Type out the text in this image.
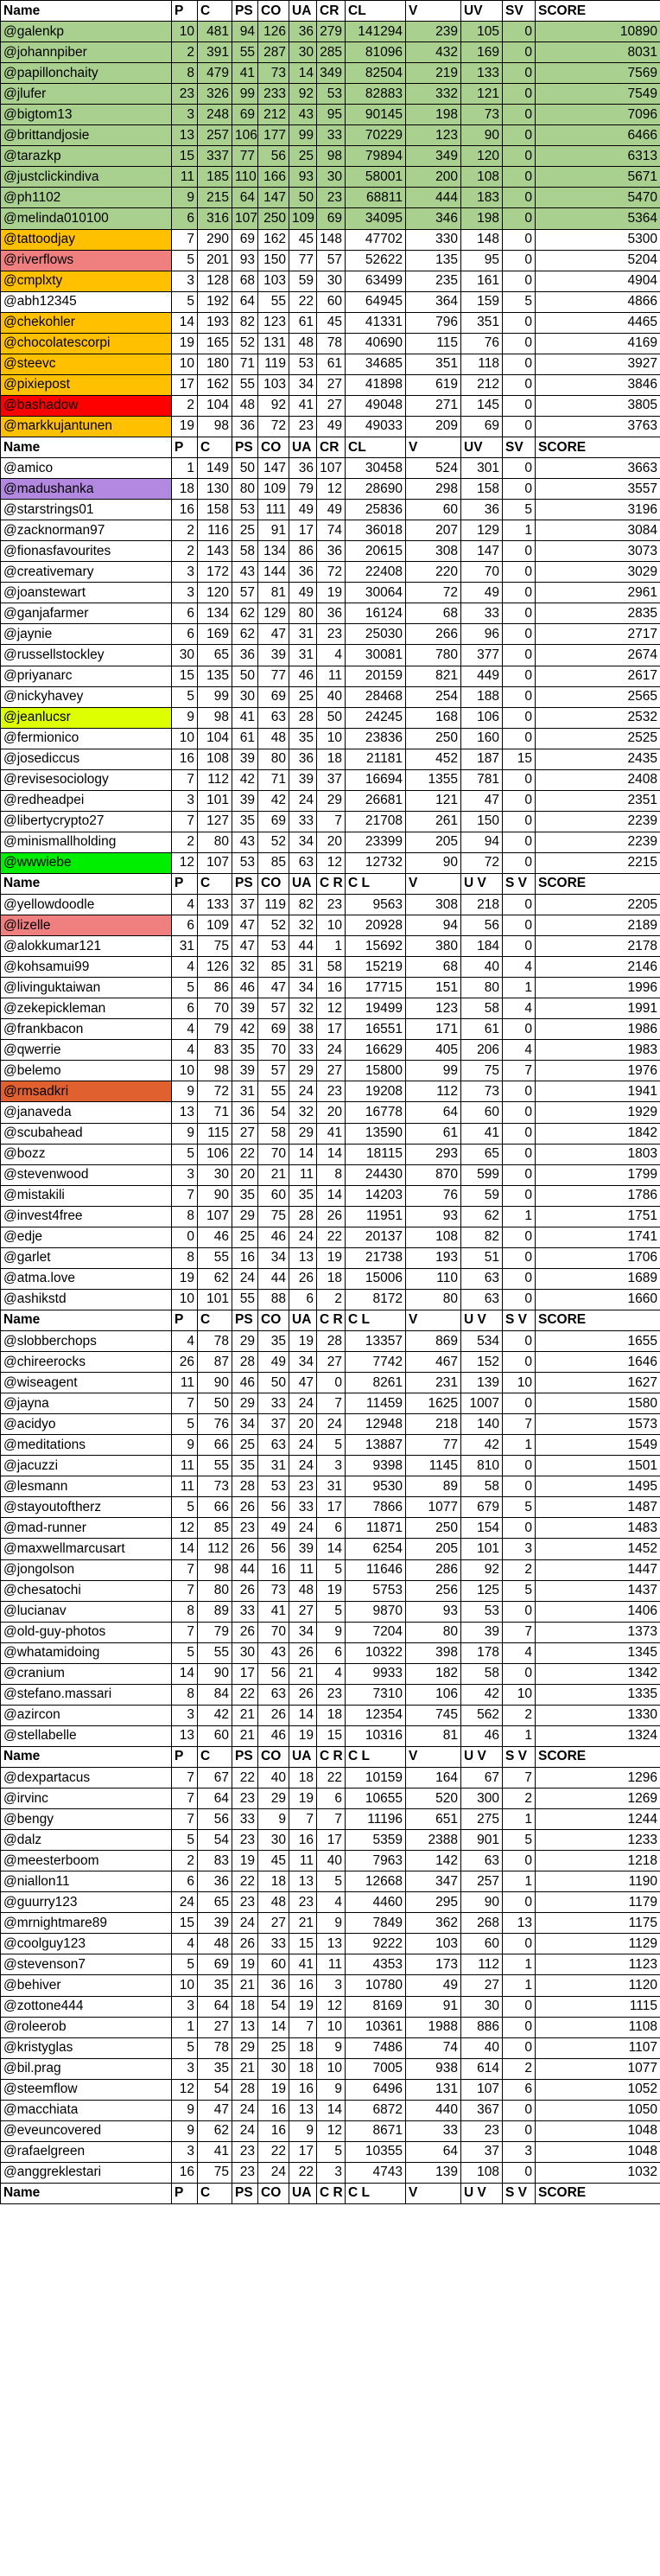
Name	P	C	PS	CO	UA	CR	CL	V	UV	SV	SCORE
@galenkp	10	481	94	126	36	279	141294	239	105	0	10890
@johannpiber	2	391	55	287	30	285	81096	432	169	0	8031
@papillonchaity	8	479	41	73	14	349	82504	219	133	0	7569
@jlufer	23	326	99	233	92	53	82883	332	121	0	7549
@bigtom13	3	248	69	212	43	95	90145	198	73	0	7096
@brittandjosie	13	257	106	177	99	33	70229	123	90	0	6466
@tarazkp	15	337	77	56	25	98	79894	349	120	0	6313
@justclickindiva	11	185	110	166	93	30	58001	200	108	0	5671
@ph1102	9	215	64	147	50	23	68811	444	183	0	5470
@melinda010100	6	316	107	250	109	69	34095	346	198	0	5364
@tattoodjay	7	290	69	162	45	148	47702	330	148	0	5300
@riverflows	5	201	93	150	77	57	52622	135	95	0	5204
@cmplxty	3	128	68	103	59	30	63499	235	161	0	4904
@abh12345	5	192	64	55	22	60	64945	364	159	5	4866
@chekohler	14	193	82	123	61	45	41331	796	351	0	4465
@chocolatescorpi	19	165	52	131	48	78	40690	115	76	0	4169
@steevc	10	180	71	119	53	61	34685	351	118	0	3927
@pixiepost	17	162	55	103	34	27	41898	619	212	0	3846
@bashadow	2	104	48	92	41	27	49048	271	145	0	3805
@markkujantunen	19	98	36	72	23	49	49033	209	69	0	3763
Name	P	C	PS	CO	UA	CR	CL	V	UV	SV	SCORE
@amico	1	149	50	147	36	107	30458	524	301	0	3663
@madushanka	18	130	80	109	79	12	28690	298	158	0	3557
@starstrings01	16	158	53	111	49	49	25836	60	36	5	3196
@zacknorman97	2	116	25	91	17	74	36018	207	129	1	3084
@fionasfavourites	2	143	58	134	86	36	20615	308	147	0	3073
@creativemary	3	172	43	144	36	72	22408	220	70	0	3029
@joanstewart	3	120	57	81	49	19	30064	72	49	0	2961
@ganjafarmer	6	134	62	129	80	36	16124	68	33	0	2835
@jaynie	6	169	62	47	31	23	25030	266	96	0	2717
@russellstockley	30	65	36	39	31	4	30081	780	377	0	2674
@priyanarc	15	135	50	77	46	11	20159	821	449	0	2617
@nickyhavey	5	99	30	69	25	40	28468	254	188	0	2565
@jeanlucsr	9	98	41	63	28	50	24245	168	106	0	2532
@fermionico	10	104	61	48	35	10	23836	250	160	0	2525
@josediccus	16	108	39	80	36	18	21181	452	187	15	2435
@revisesociology	7	112	42	71	39	37	16694	1355	781	0	2408
@redheadpei	3	101	39	42	24	29	26681	121	47	0	2351
@libertycrypto27	7	127	35	69	33	7	21708	261	150	0	2239
@minismallholding	2	80	43	52	34	20	23399	205	94	0	2239
@wwwiebe	12	107	53	85	63	12	12732	90	72	0	2215
Name	P	C	PS	CO	UA	C R	C L	V	U V	S V	SCORE
@yellowdoodle	4	133	37	119	82	23	9563	308	218	0	2205
@lizelle	6	109	47	52	32	10	20928	94	56	0	2189
@alokkumar121	31	75	47	53	44	1	15692	380	184	0	2178
@kohsamui99	4	126	32	85	31	58	15219	68	40	4	2146
@livinguktaiwan	5	86	46	47	34	16	17715	151	80	1	1996
@zekepickleman	6	70	39	57	32	12	19499	123	58	4	1991
@frankbacon	4	79	42	69	38	17	16551	171	61	0	1986
@qwerrie	4	83	35	70	33	24	16629	405	206	4	1983
@belemo	10	98	39	57	29	27	15800	99	75	7	1976
@rmsadkri	9	72	31	55	24	23	19208	112	73	0	1941
@janaveda	13	71	36	54	32	20	16778	64	60	0	1929
@scubahead	9	115	27	58	29	41	13590	61	41	0	1842
@bozz	5	106	22	70	14	14	18115	293	65	0	1803
@stevenwood	3	30	20	21	11	8	24430	870	599	0	1799
@mistakili	7	90	35	60	35	14	14203	76	59	0	1786
@invest4free	8	107	29	75	28	26	11951	93	62	1	1751
@edje	0	46	25	46	24	22	20137	108	82	0	1741
@garlet	8	55	16	34	13	19	21738	193	51	0	1706
@atma.love	19	62	24	44	26	18	15006	110	63	0	1689
@ashikstd	10	101	55	88	6	2	8172	80	63	0	1660
Name	P	C	PS	CO	UA	C R	C L	V	U V	S V	SCORE
@slobberchops	4	78	29	35	19	28	13357	869	534	0	1655
@chireerocks	26	87	28	49	34	27	7742	467	152	0	1646
@wiseagent	11	90	46	50	47	0	8261	231	139	10	1627
@jayna	7	50	29	33	24	7	11459	1625	1007	0	1580
@acidyo	5	76	34	37	20	24	12948	218	140	7	1573
@meditations	9	66	25	63	24	5	13887	77	42	1	1549
@jacuzzi	11	55	35	31	24	3	9398	1145	810	0	1501
@lesmann	11	73	28	53	23	31	9530	89	58	0	1495
@stayoutoftherz	5	66	26	56	33	17	7866	1077	679	5	1487
@mad-runner	12	85	23	49	24	6	11871	250	154	0	1483
@maxwellmarcusart	14	112	26	56	39	14	6254	205	101	3	1452
@jongolson	7	98	44	16	11	5	11646	286	92	2	1447
@chesatochi	7	80	26	73	48	19	5753	256	125	5	1437
@lucianav	8	89	33	41	27	5	9870	93	53	0	1406
@old-guy-photos	7	79	26	70	34	9	7204	80	39	7	1373
@whatamidoing	5	55	30	43	26	6	10322	398	178	4	1345
@cranium	14	90	17	56	21	4	9933	182	58	0	1342
@stefano.massari	8	84	22	63	26	23	7310	106	42	10	1335
@azircon	3	42	21	26	14	18	12354	745	562	2	1330
@stellabelle	13	60	21	46	19	15	10316	81	46	1	1324
Name	P	C	PS	CO	UA	C R	C L	V	U V	S V	SCORE
@dexpartacus	7	67	22	40	18	22	10159	164	67	7	1296
@irvinc	7	64	23	29	19	6	10655	520	300	2	1269
@bengy	7	56	33	9	7	7	11196	651	275	1	1244
@dalz	5	54	23	30	16	17	5359	2388	901	5	1233
@meesterboom	2	83	19	45	11	40	7963	142	63	0	1218
@niallon11	6	36	22	18	13	5	12668	347	257	1	1190
@guurry123	24	65	23	48	23	4	4460	295	90	0	1179
@mrnightmare89	15	39	24	27	21	9	7849	362	268	13	1175
@coolguy123	4	48	26	33	15	13	9222	103	60	0	1129
@stevenson7	5	69	19	60	41	11	4353	173	112	1	1123
@behiver	10	35	21	36	16	3	10780	49	27	1	1120
@zottone444	3	64	18	54	19	12	8169	91	30	0	1115
@roleerob	1	27	13	14	7	10	10361	1988	886	0	1108
@kristyglas	5	78	29	25	18	9	7486	74	40	0	1107
@bil.prag	3	35	21	30	18	10	7005	938	614	2	1077
@steemflow	12	54	28	19	16	9	6496	131	107	6	1052
@macchiata	9	47	24	16	13	14	6872	440	367	0	1050
@eveuncovered	9	62	24	16	9	12	8671	33	23	0	1048
@rafaelgreen	3	41	23	22	17	5	10355	64	37	3	1048
@anggreklestari	16	75	23	24	22	3	4743	139	108	0	1032
Name	P	C	PS	CO	UA	C R	C L	V	U V	S V	SCORE
